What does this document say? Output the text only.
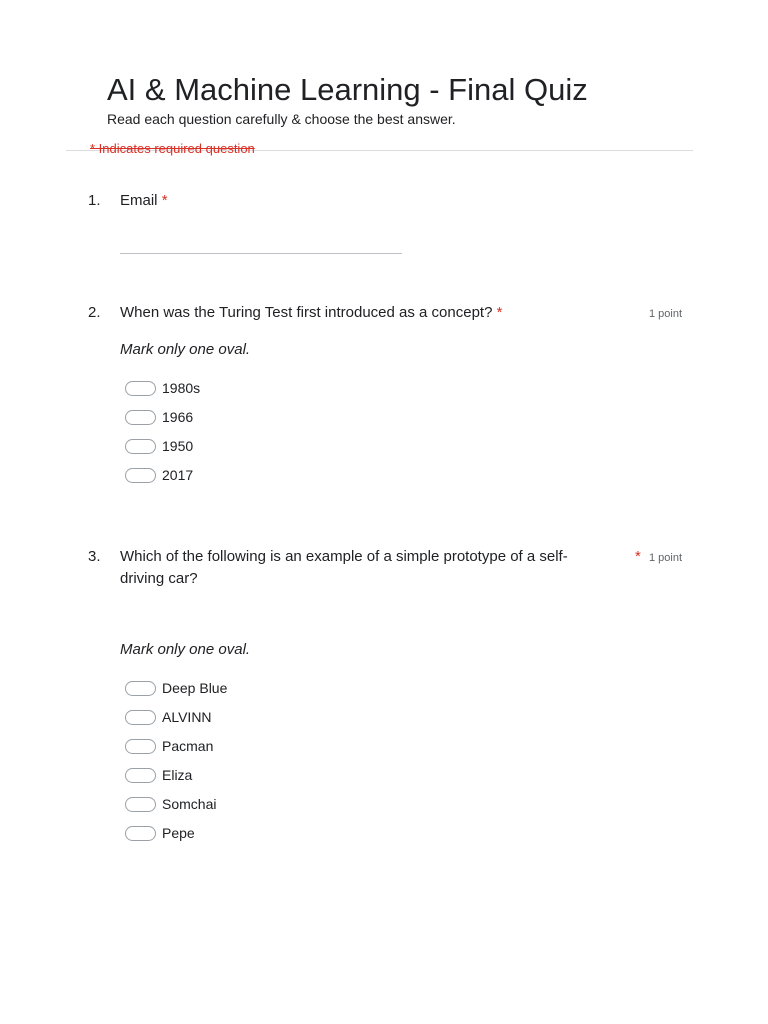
AI & Machine Learning - Final Quiz
Read each question carefully & choose the best answer.
* Indicates required question
1. Email *
2. When was the Turing Test first introduced as a concept? *	1 point
Mark only one oval.
1980s
1966
1950
2017
3. Which of the following is an example of a simple prototype of a self-
driving car?
* 1 point
Mark only one oval.
Deep Blue
ALVINN
Pacman
Eliza
Somchai
Pepe
